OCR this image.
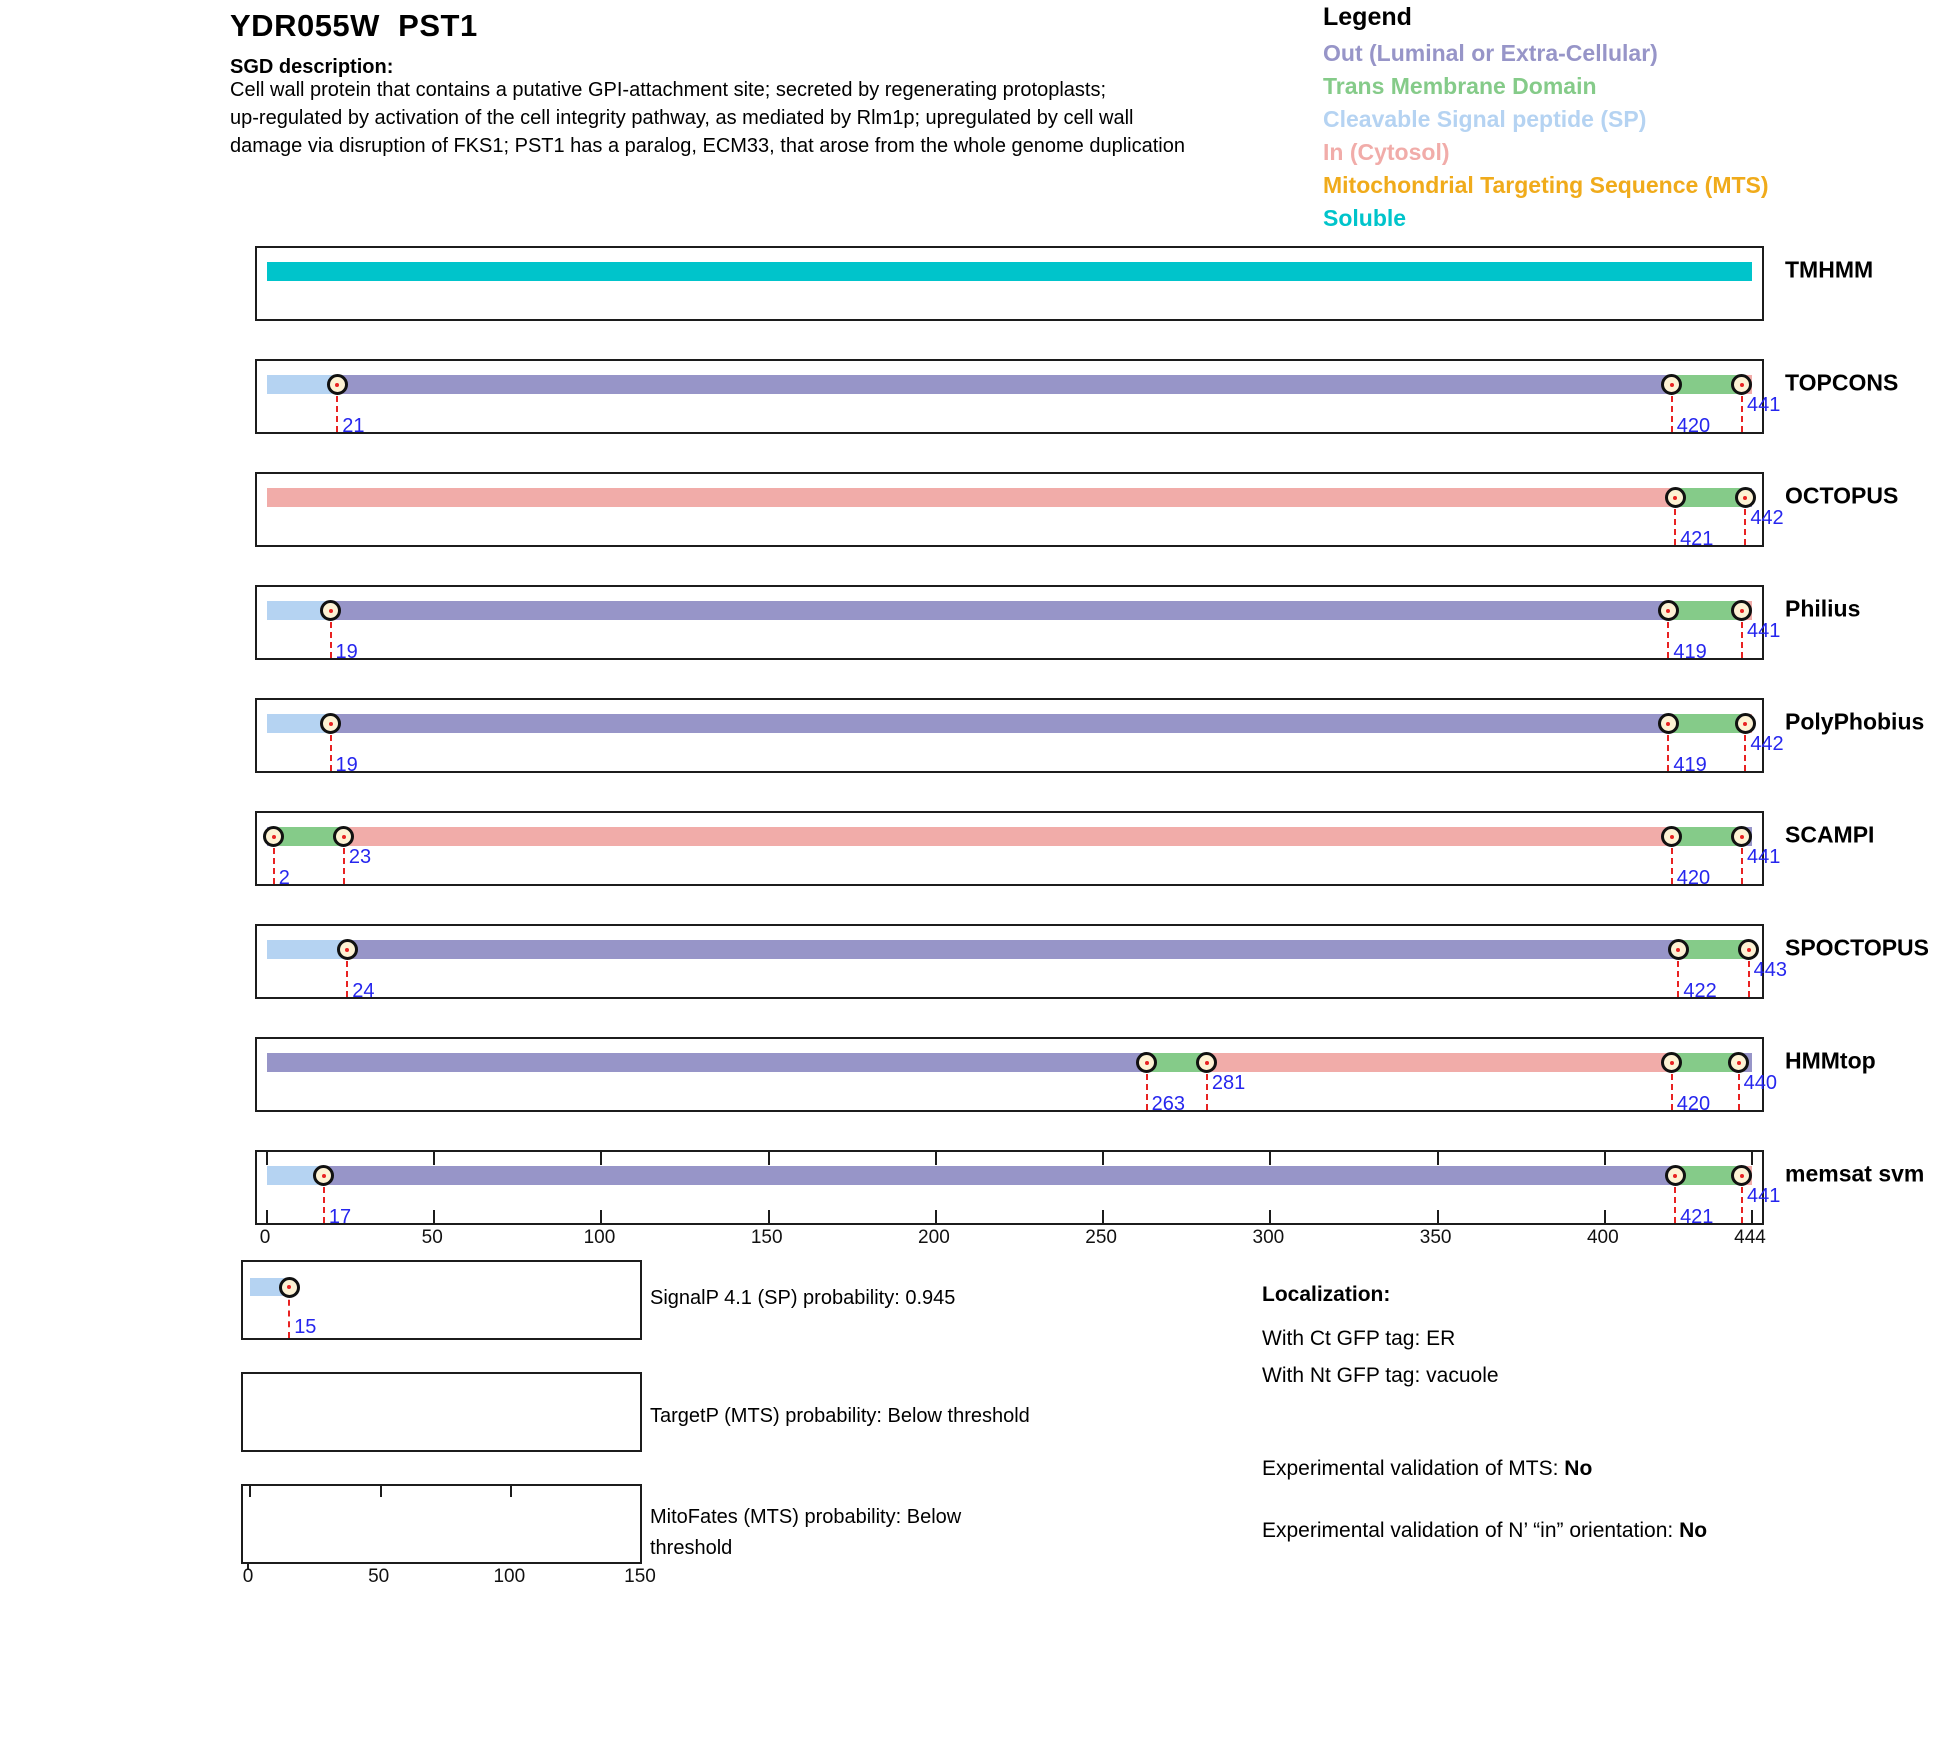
YDR055W  PST1
SGD description:
Cell wall protein that contains a putative GPI-attachment site; secreted by regenerating protoplasts;
up-regulated by activation of the cell integrity pathway, as mediated by Rlm1p; upregulated by cell wall
damage via disruption of FKS1; PST1 has a paralog, ECM33, that arose from the whole genome duplication
Legend
Out (Luminal or Extra-Cellular)
Trans Membrane Domain
Cleavable Signal peptide (SP)
In (Cytosol)
Mitochondrial Targeting Sequence (MTS)
Soluble
TMHMM
21	420
441
TOPCONS
421
442
OCTOPUS
19	419
441
Philius
19	419
442
PolyPhobius
2
23
420
441
SCAMPI
24	422
443
SPOCTOPUS
263
281
420
440
HMMtop
17	421
441
memsat svm
15
SignalP 4.1 (SP) probability: 0.945
TargetP (MTS) probability: Below threshold
MitoFates (MTS) probability: Below
threshold
0	50	100	150	200	250	300	350	400	444
0	50	100	150
Localization:
With Ct GFP tag: ER
With Nt GFP tag: vacuole
Experimental validation of MTS: No
Experimental validation of N’ “in” orientation: No
